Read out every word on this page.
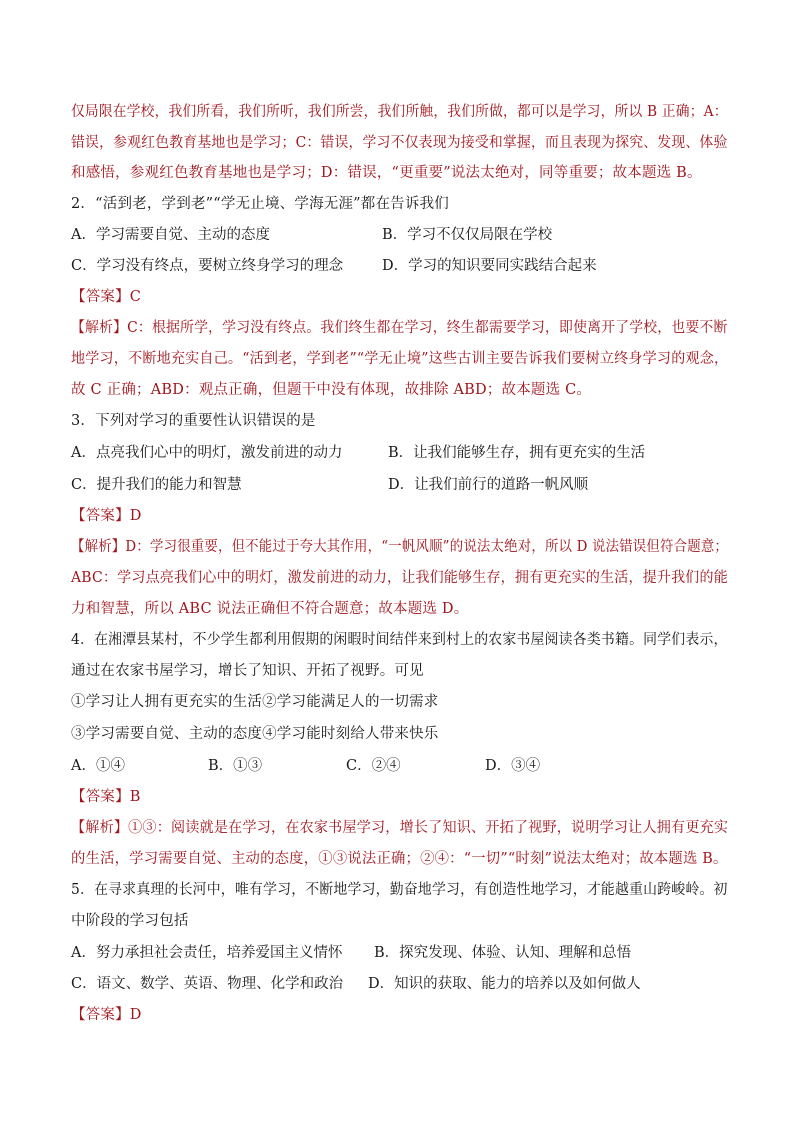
仅局限在学校，我们所看，我们所听，我们所尝，我们所触，我们所做，都可以是学习，所以 B 正确；A：
错误，参观红色教育基地也是学习；C：错误，学习不仅表现为接受和掌握，而且表现为探究、发现、体验
和感悟，参观红色教育基地也是学习；D：错误，“更重要”说法太绝对，同等重要；故本题选 B。
2．“活到老，学到老”“学无止境、学海无涯”都在告诉我们
A．学习需要自觉、主动的态度	B．学习不仅仅局限在学校
C．学习没有终点，要树立终身学习的理念	D．学习的知识要同实践结合起来
【答案】C
【解析】C：根据所学，学习没有终点。我们终生都在学习，终生都需要学习，即使离开了学校，也要不断
地学习，不断地充实自己。“活到老，学到老”“学无止境”这些古训主要告诉我们要树立终身学习的观念，
故 C 正确；ABD：观点正确，但题干中没有体现，故排除 ABD；故本题选 C。
3．下列对学习的重要性认识错误的是
A．点亮我们心中的明灯，激发前进的动力	B．让我们能够生存，拥有更充实的生活
C．提升我们的能力和智慧	D．让我们前行的道路一帆风顺
【答案】D
【解析】D：学习很重要，但不能过于夸大其作用，“一帆风顺”的说法太绝对，所以 D 说法错误但符合题意；
ABC：学习点亮我们心中的明灯，激发前进的动力，让我们能够生存，拥有更充实的生活，提升我们的能
力和智慧，所以 ABC 说法正确但不符合题意；故本题选 D。
4．在湘潭县某村，不少学生都利用假期的闲暇时间结伴来到村上的农家书屋阅读各类书籍。同学们表示，
通过在农家书屋学习，增长了知识、开拓了视野。可见
①学习让人拥有更充实的生活②学习能满足人的一切需求
③学习需要自觉、主动的态度④学习能时刻给人带来快乐
A．①④	B．①③	C．②④	D．③④
【答案】B
【解析】①③：阅读就是在学习，在农家书屋学习，增长了知识、开拓了视野，说明学习让人拥有更充实
的生活，学习需要自觉、主动的态度，①③说法正确；②④：“一切”“时刻”说法太绝对；故本题选 B。
5．在寻求真理的长河中，唯有学习，不断地学习，勤奋地学习，有创造性地学习，才能越重山跨峻岭。初
中阶段的学习包括
A．努力承担社会责任，培养爱国主义情怀 B．探究发现、体验、认知、理解和总悟
C．语文、数学、英语、物理、化学和政治 D．知识的获取、能力的培养以及如何做人
【答案】D
